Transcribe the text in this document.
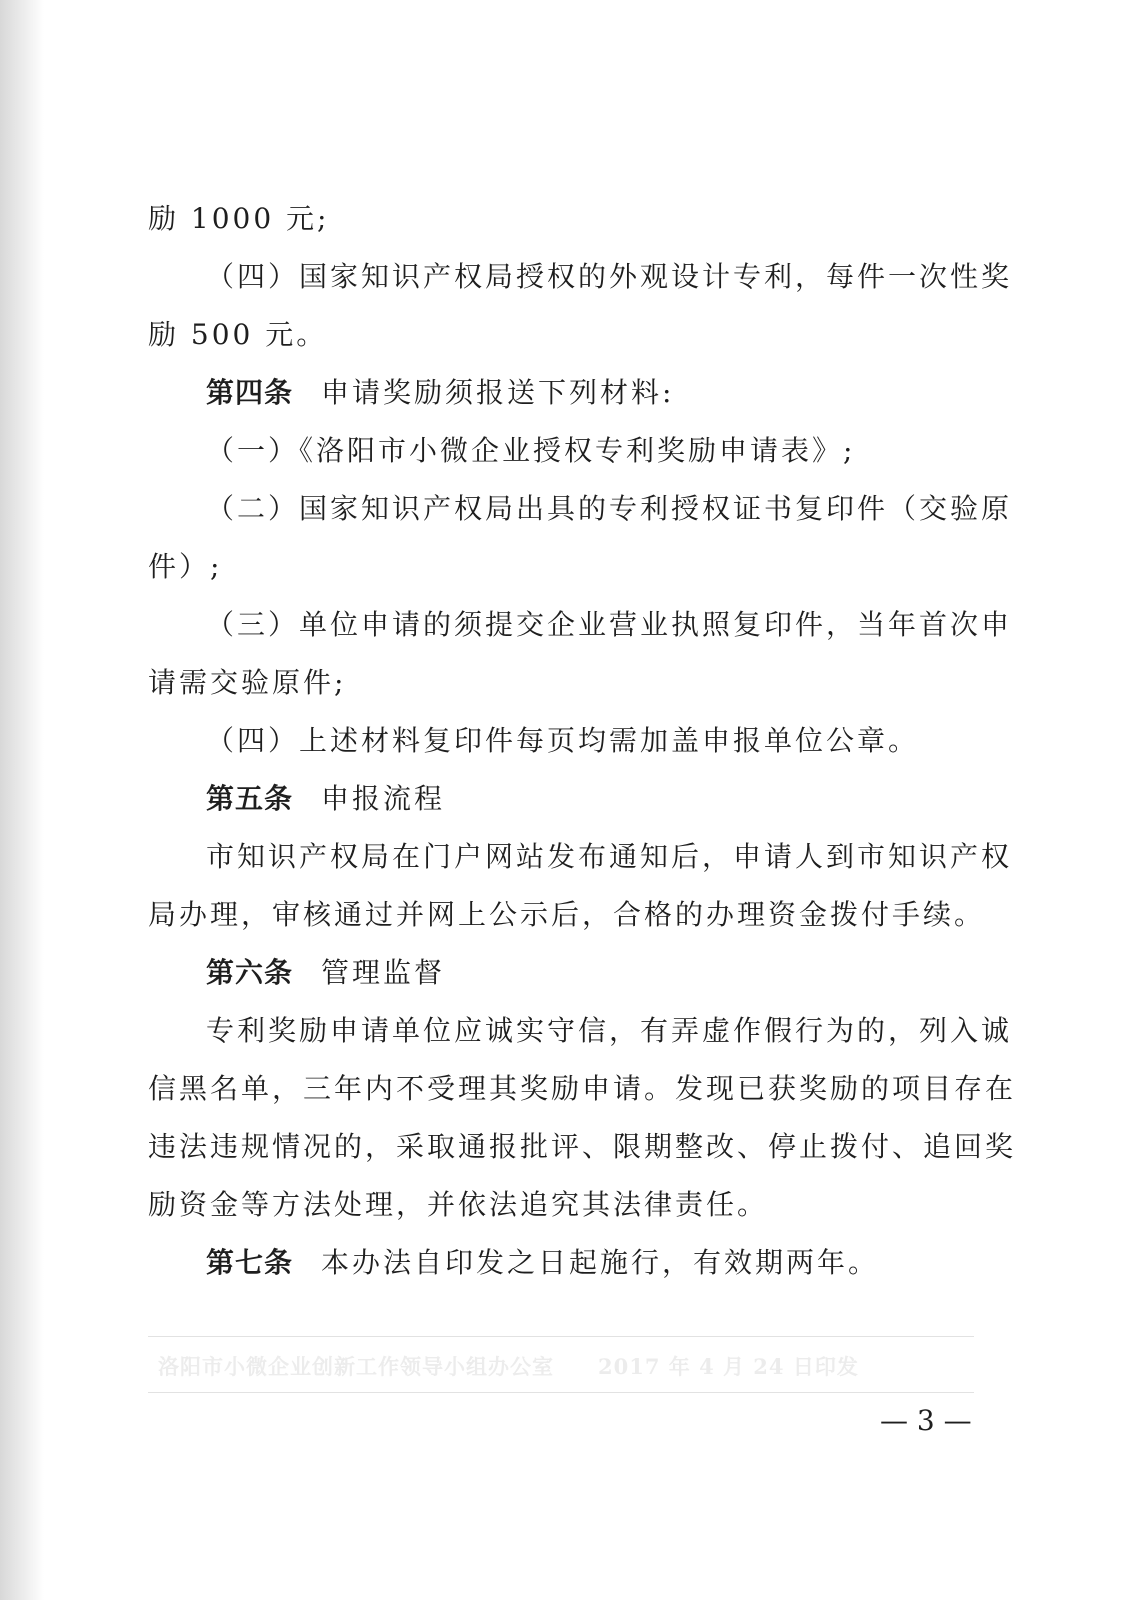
励 1000 元;
（四）国家知识产权局授权的外观设计专利，每件一次性奖
励 500 元。
第四条 申请奖励须报送下列材料:
（一）《洛阳市小微企业授权专利奖励申请表》;
（二）国家知识产权局出具的专利授权证书复印件（交验原
件）;
（三）单位申请的须提交企业营业执照复印件，当年首次申
请需交验原件;
（四）上述材料复印件每页均需加盖申报单位公章。
第五条 申报流程
市知识产权局在门户网站发布通知后，申请人到市知识产权
局办理，审核通过并网上公示后，合格的办理资金拨付手续。
第六条 管理监督
专利奖励申请单位应诚实守信，有弄虚作假行为的，列入诚
信黑名单，三年内不受理其奖励申请。发现已获奖励的项目存在
违法违规情况的，采取通报批评、限期整改、停止拨付、追回奖
励资金等方法处理，并依法追究其法律责任。
第七条 本办法自印发之日起施行，有效期两年。
洛阳市小微企业创新工作领导小组办公室　　2017 年 4 月 24 日印发
— 3 —
